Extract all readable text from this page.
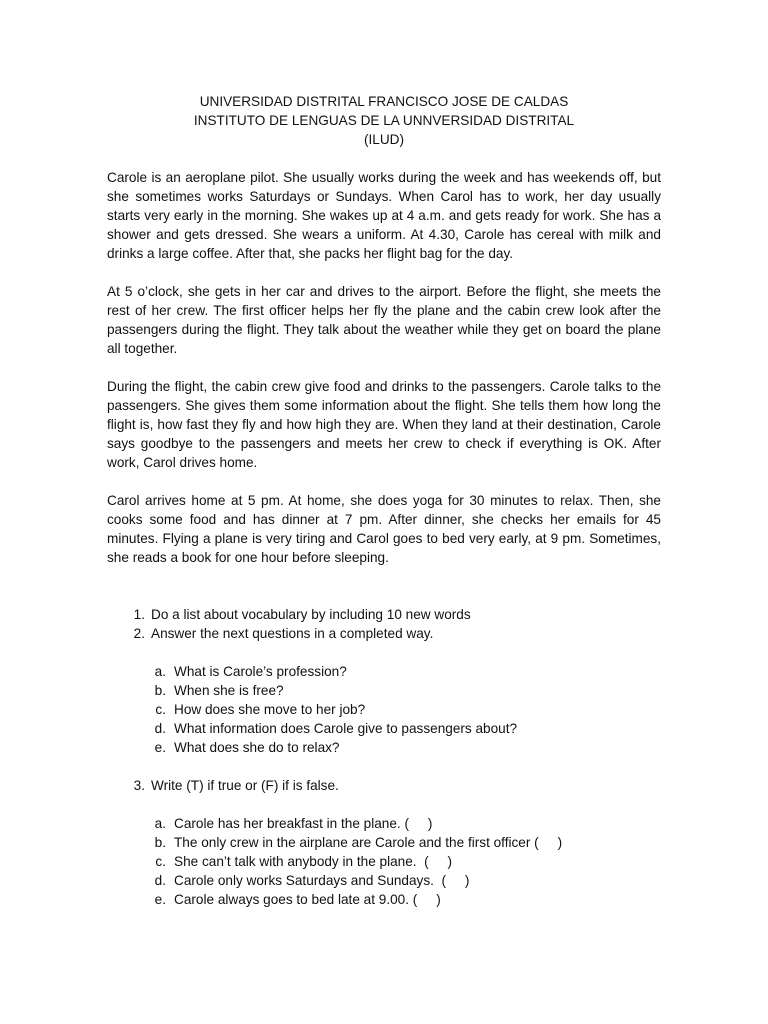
UNIVERSIDAD DISTRITAL FRANCISCO JOSE DE CALDAS
INSTITUTO DE LENGUAS DE LA UNNVERSIDAD DISTRITAL
(ILUD)

Carole is an aeroplane pilot. She usually works during the week and has weekends off, but she sometimes works Saturdays or Sundays. When Carol has to work, her day usually starts very early in the morning. She wakes up at 4 a.m. and gets ready for work. She has a shower and gets dressed. She wears a uniform. At 4.30, Carole has cereal with milk and drinks a large coffee. After that, she packs her flight bag for the day.

At 5 o’clock, she gets in her car and drives to the airport. Before the flight, she meets the rest of her crew. The first officer helps her fly the plane and the cabin crew look after the passengers during the flight. They talk about the weather while they get on board the plane all together.

During the flight, the cabin crew give food and drinks to the passengers. Carole talks to the passengers. She gives them some information about the flight. She tells them how long the flight is, how fast they fly and how high they are. When they land at their destination, Carole says goodbye to the passengers and meets her crew to check if everything is OK. After work, Carol drives home.

Carol arrives home at 5 pm. At home, she does yoga for 30 minutes to relax. Then, she cooks some food and has dinner at 7 pm. After dinner, she checks her emails for 45 minutes. Flying a plane is very tiring and Carol goes to bed very early, at 9 pm. Sometimes, she reads a book for one hour before sleeping.

1. Do a list about vocabulary by including 10 new words
2. Answer the next questions in a completed way.
a. What is Carole’s profession?
b. When she is free?
c. How does she move to her job?
d. What information does Carole give to passengers about?
e. What does she do to relax?
3. Write (T) if true or (F) if is false.
a. Carole has her breakfast in the plane. (     )
b. The only crew in the airplane are Carole and the first officer (     )
c. She can’t talk with anybody in the plane.  (     )
d. Carole only works Saturdays and Sundays.  (     )
e. Carole always goes to bed late at 9.00. (     )
